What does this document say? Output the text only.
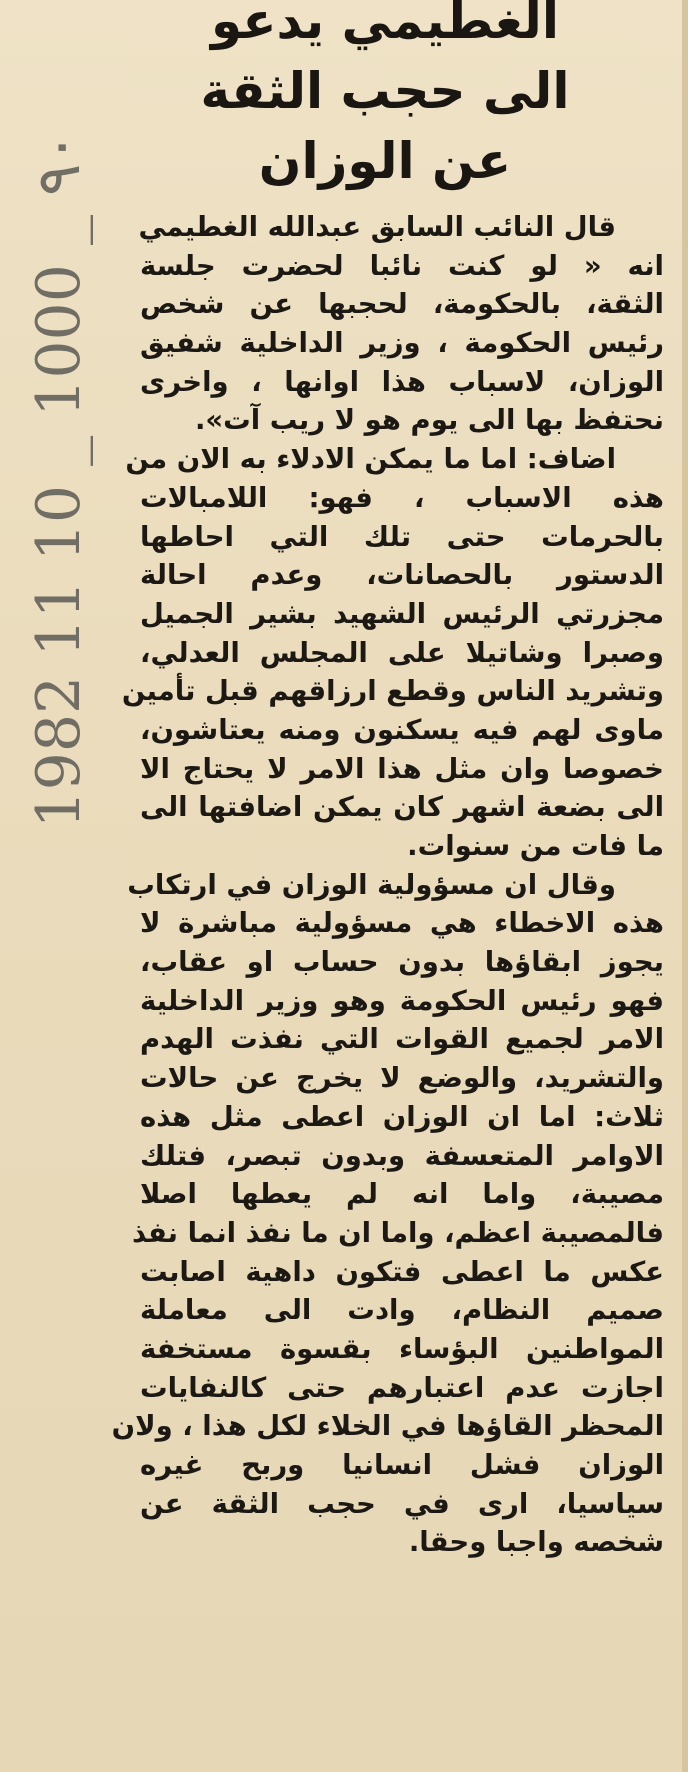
1982 11 10 _ 1000 _ ٩٠
الغطيمي يدعو
الى حجب الثقة
عن الوزان
قال النائب السابق عبدالله الغطيمي
انه « لو كنت نائبا لحضرت جلسة
الثقة، بالحكومة، لحجبها عن شخص
رئيس الحكومة ، وزير الداخلية شفيق
الوزان، لاسباب هذا اوانها ، واخرى
نحتفظ بها الى يوم هو لا ريب آت».
اضاف: اما ما يمكن الادلاء به الان من
هذه الاسباب ، فهو: اللامبالات
بالحرمات حتى تلك التي احاطها
الدستور بالحصانات، وعدم احالة
مجزرتي الرئيس الشهيد بشير الجميل
وصبرا وشاتيلا على المجلس العدلي،
وتشريد الناس وقطع ارزاقهم قبل تأمين
ماوى لهم فيه يسكنون ومنه يعتاشون،
خصوصا وان مثل هذا الامر لا يحتاج الا
الى بضعة اشهر كان يمكن اضافتها الى
ما فات من سنوات.
وقال ان مسؤولية الوزان في ارتكاب
هذه الاخطاء هي مسؤولية مباشرة لا
يجوز ابقاؤها بدون حساب او عقاب،
فهو رئيس الحكومة وهو وزير الداخلية
الامر لجميع القوات التي نفذت الهدم
والتشريد، والوضع لا يخرج عن حالات
ثلاث: اما ان الوزان اعطى مثل هذه
الاوامر المتعسفة وبدون تبصر، فتلك
مصيبة، واما انه لم يعطها اصلا
فالمصيبة اعظم، واما ان ما نفذ انما نفذ
عكس ما اعطى فتكون داهية اصابت
صميم النظام، وادت الى معاملة
المواطنين البؤساء بقسوة مستخفة
اجازت عدم اعتبارهم حتى كالنفايات
المحظر القاؤها في الخلاء لكل هذا ، ولان
الوزان فشل انسانيا وربح غيره
سياسيا، ارى في حجب الثقة عن
شخصه واجبا وحقا.
